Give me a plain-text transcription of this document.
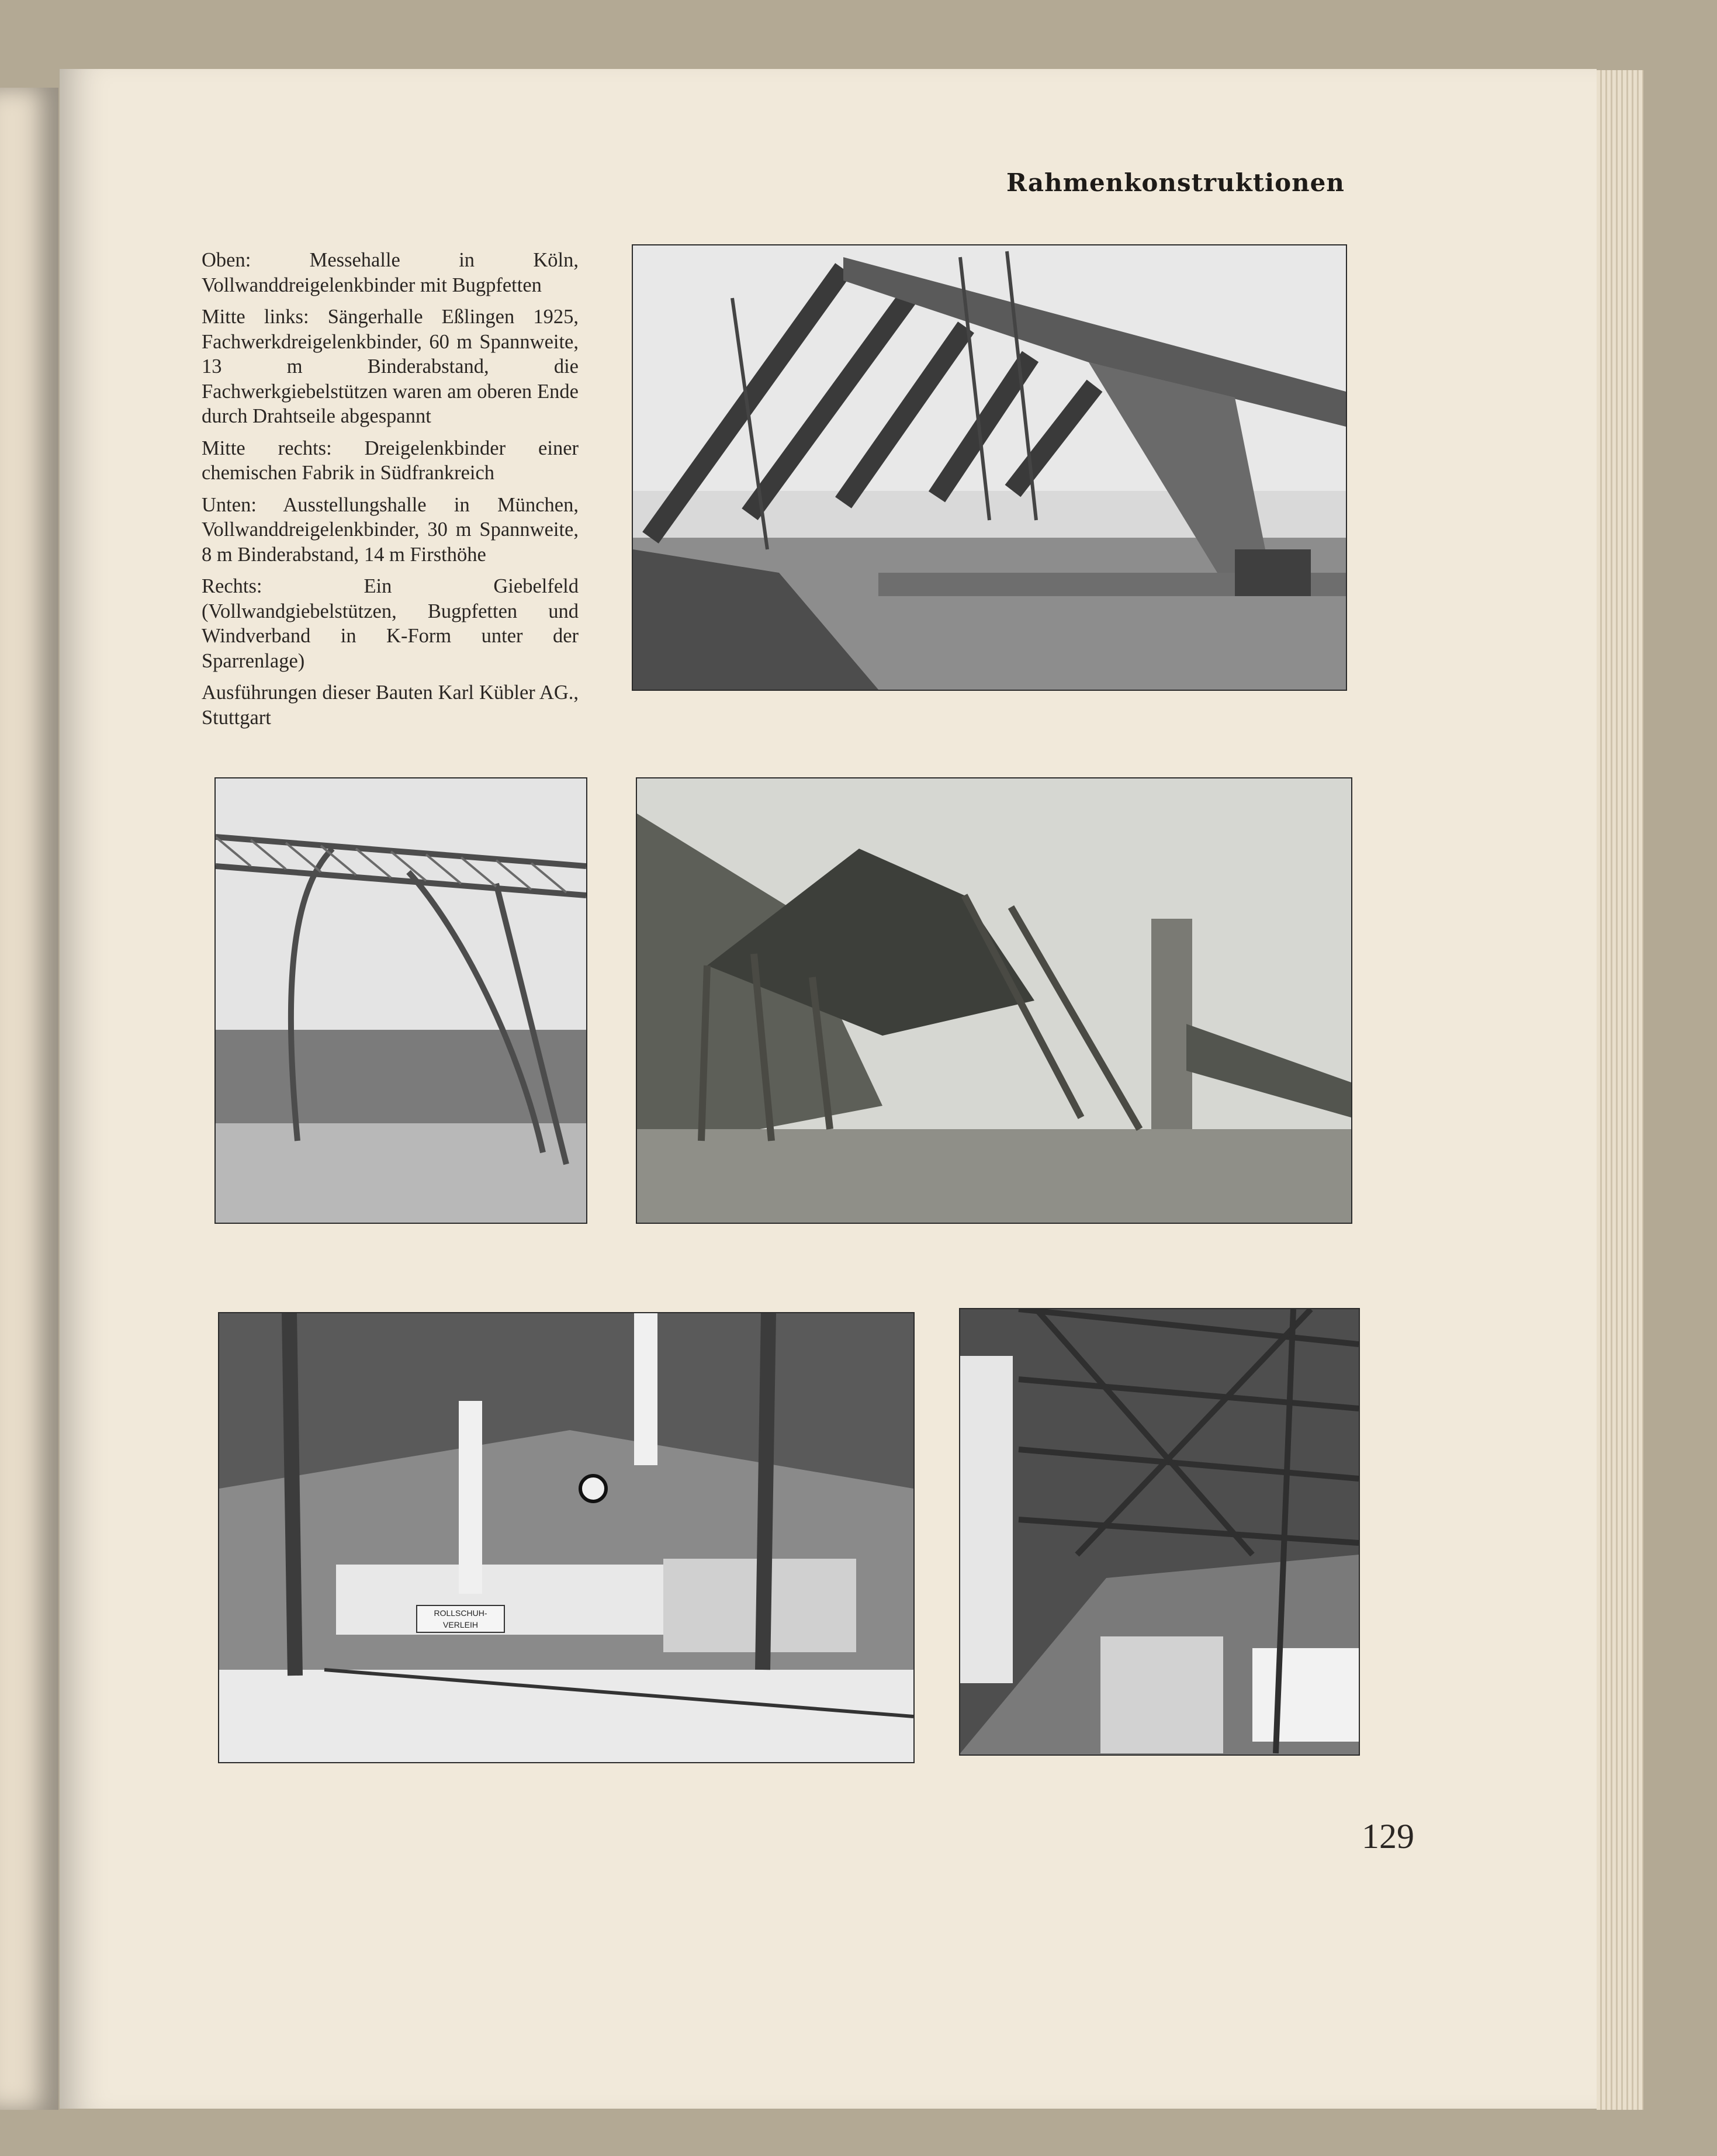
Rahmenkonstruktionen

Oben: Messehalle in Köln, Vollwanddreigelenkbinder mit Bugpfetten

Mitte links: Sängerhalle Eßlingen 1925, Fachwerkdreigelenkbinder, 60 m Spannweite, 13 m Binderabstand, die Fachwerkgiebelstützen waren am oberen Ende durch Drahtseile abgespannt

Mitte rechts: Dreigelenkbinder einer chemischen Fabrik in Südfrankreich

Unten: Ausstellungshalle in München, Vollwanddreigelenkbinder, 30 m Spannweite, 8 m Binderabstand, 14 m Firsthöhe

Rechts: Ein Giebelfeld (Vollwandgiebelstützen, Bugpfetten und Windverband in K-Form unter der Sparrenlage)

Ausführungen dieser Bauten Karl Kübler AG., Stuttgart

ROLLSCHUH-
VERLEIH
129
